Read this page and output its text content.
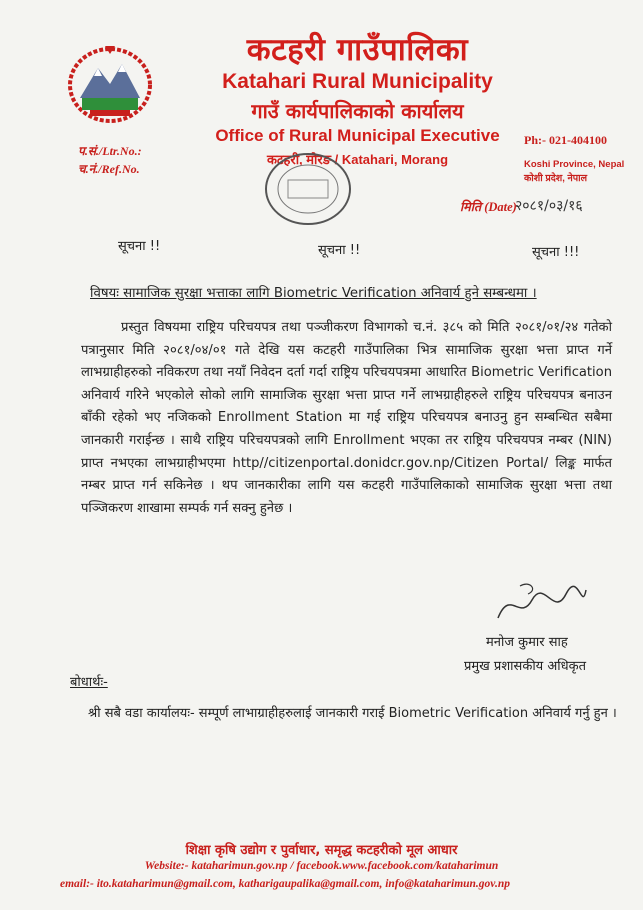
कटहरी गाउँपालिका
Katahari Rural Municipality
गाउँ कार्यपालिकाको कार्यालय
Office of Rural Municipal Executive
कटहरी, मोरङ / Katahari, Morang
प.सं./Ltr.No.:
च.नं./Ref.No.
Ph:- 021-404100
Koshi Province, Nepal
कोशी प्रदेश, नेपाल
मिति (Date)
२०८१/०३/१६
सूचना !!	सूचना !!	सूचना !!!
विषयः सामाजिक सुरक्षा भत्ताका लागि Biometric Verification अनिवार्य हुने सम्बन्धमा ।

प्रस्तुत विषयमा राष्ट्रिय परिचयपत्र तथा पञ्जीकरण विभागको च.नं. ३८५ को मिति २०८१/०१/२४ गतेको पत्रानुसार मिति २०८१/०४/०१ गते देखि यस कटहरी गाउँपालिका भित्र सामाजिक सुरक्षा भत्ता प्राप्त गर्ने लाभग्राहीहरुको नविकरण तथा नयाँ निवेदन दर्ता गर्दा राष्ट्रिय परिचयपत्रमा आधारित Biometric Verification अनिवार्य गरिने भएकोले सोको लागि सामाजिक सुरक्षा भत्ता प्राप्त गर्ने लाभग्राहीहरुले राष्ट्रिय परिचयपत्र बनाउन बाँकी रहेको भए नजिकको Enrollment Station मा गई राष्ट्रिय परिचयपत्र बनाउनु हुन सम्बन्धित सबैमा जानकारी गराईन्छ । साथै राष्ट्रिय परिचयपत्रको लागि Enrollment भएका तर राष्ट्रिय परिचयपत्र नम्बर (NIN) प्राप्त नभएका लाभग्राहीभएमा http//citizenportal.donidcr.gov.np/Citizen Portal/ लिङ्क मार्फत नम्बर प्राप्त गर्न सकिनेछ । थप जानकारीका लागि यस कटहरी गाउँपालिकाको सामाजिक सुरक्षा भत्ता तथा पञ्जिकरण शाखामा सम्पर्क गर्न सक्नु हुनेछ ।

मनोज कुमार साह
प्रमुख प्रशासकीय अधिकृत
बोधार्थः-
श्री सबै वडा कार्यालयः- सम्पूर्ण लाभाग्राहीहरुलाई जानकारी गराई Biometric Verification अनिवार्य गर्नु हुन ।
शिक्षा कृषि उद्योग र पुर्वाधार, समृद्ध कटहरीको मूल आधार
Website:- kataharimun.gov.np / facebook.www.facebook.com/kataharimun
email:- ito.kataharimun@gmail.com, katharigaupalika@gmail.com, info@kataharimun.gov.np
